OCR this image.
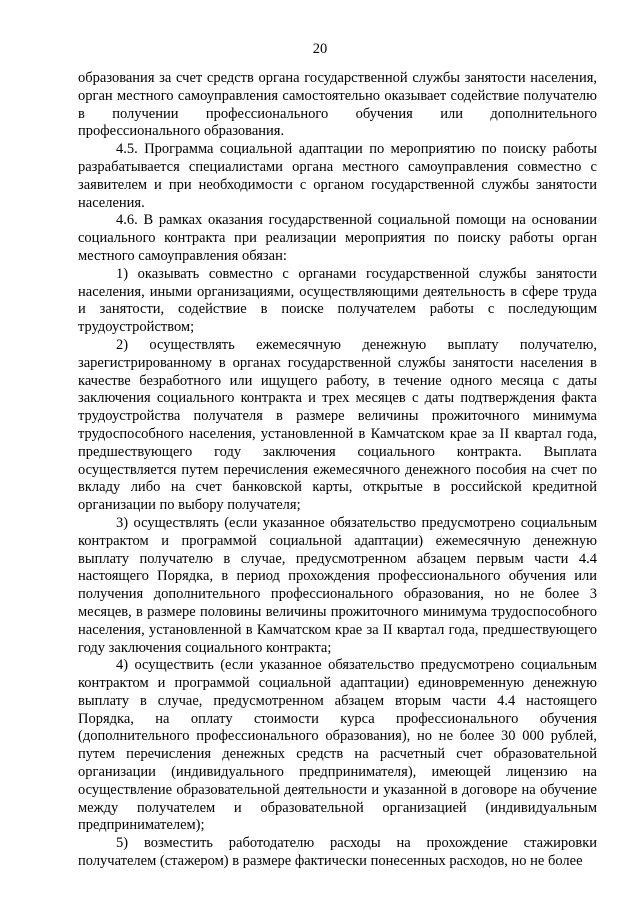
20

образования за счет средств органа государственной службы занятости населения, орган местного самоуправления самостоятельно оказывает содействие получателю в получении профессионального обучения или дополнительного профессионального образования.

4.5. Программа социальной адаптации по мероприятию по поиску работы разрабатывается специалистами органа местного самоуправления совместно с заявителем и при необходимости с органом государственной службы занятости населения.

4.6. В рамках оказания государственной социальной помощи на основании социального контракта при реализации мероприятия по поиску работы орган местного самоуправления обязан:

1) оказывать совместно с органами государственной службы занятости населения, иными организациями, осуществляющими деятельность в сфере труда и занятости, содействие в поиске получателем работы с последующим трудоустройством;

2) осуществлять ежемесячную денежную выплату получателю, зарегистрированному в органах государственной службы занятости населения в качестве безработного или ищущего работу, в течение одного месяца с даты заключения социального контракта и трех месяцев с даты подтверждения факта трудоустройства получателя в размере величины прожиточного минимума трудоспособного населения, установленной в Камчатском крае за II квартал года, предшествующего году заключения социального контракта. Выплата осуществляется путем перечисления ежемесячного денежного пособия на счет по вкладу либо на счет банковской карты, открытые в российской кредитной организации по выбору получателя;

3) осуществлять (если указанное обязательство предусмотрено социальным контрактом и программой социальной адаптации) ежемесячную денежную выплату получателю в случае, предусмотренном абзацем первым части 4.4 настоящего Порядка, в период прохождения профессионального обучения или получения дополнительного профессионального образования, но не более 3 месяцев, в размере половины величины прожиточного минимума трудоспособного населения, установленной в Камчатском крае за II квартал года, предшествующего году заключения социального контракта;

4) осуществить (если указанное обязательство предусмотрено социальным контрактом и программой социальной адаптации) единовременную денежную выплату в случае, предусмотренном абзацем вторым части 4.4 настоящего Порядка, на оплату стоимости курса профессионального обучения (дополнительного профессионального образования), но не более 30 000 рублей, путем перечисления денежных средств на расчетный счет образовательной организации (индивидуального предпринимателя), имеющей лицензию на осуществление образовательной деятельности и указанной в договоре на обучение между получателем и образовательной организацией (индивидуальным предпринимателем);

5) возместить работодателю расходы на прохождение стажировки получателем (стажером) в размере фактически понесенных расходов, но не более
